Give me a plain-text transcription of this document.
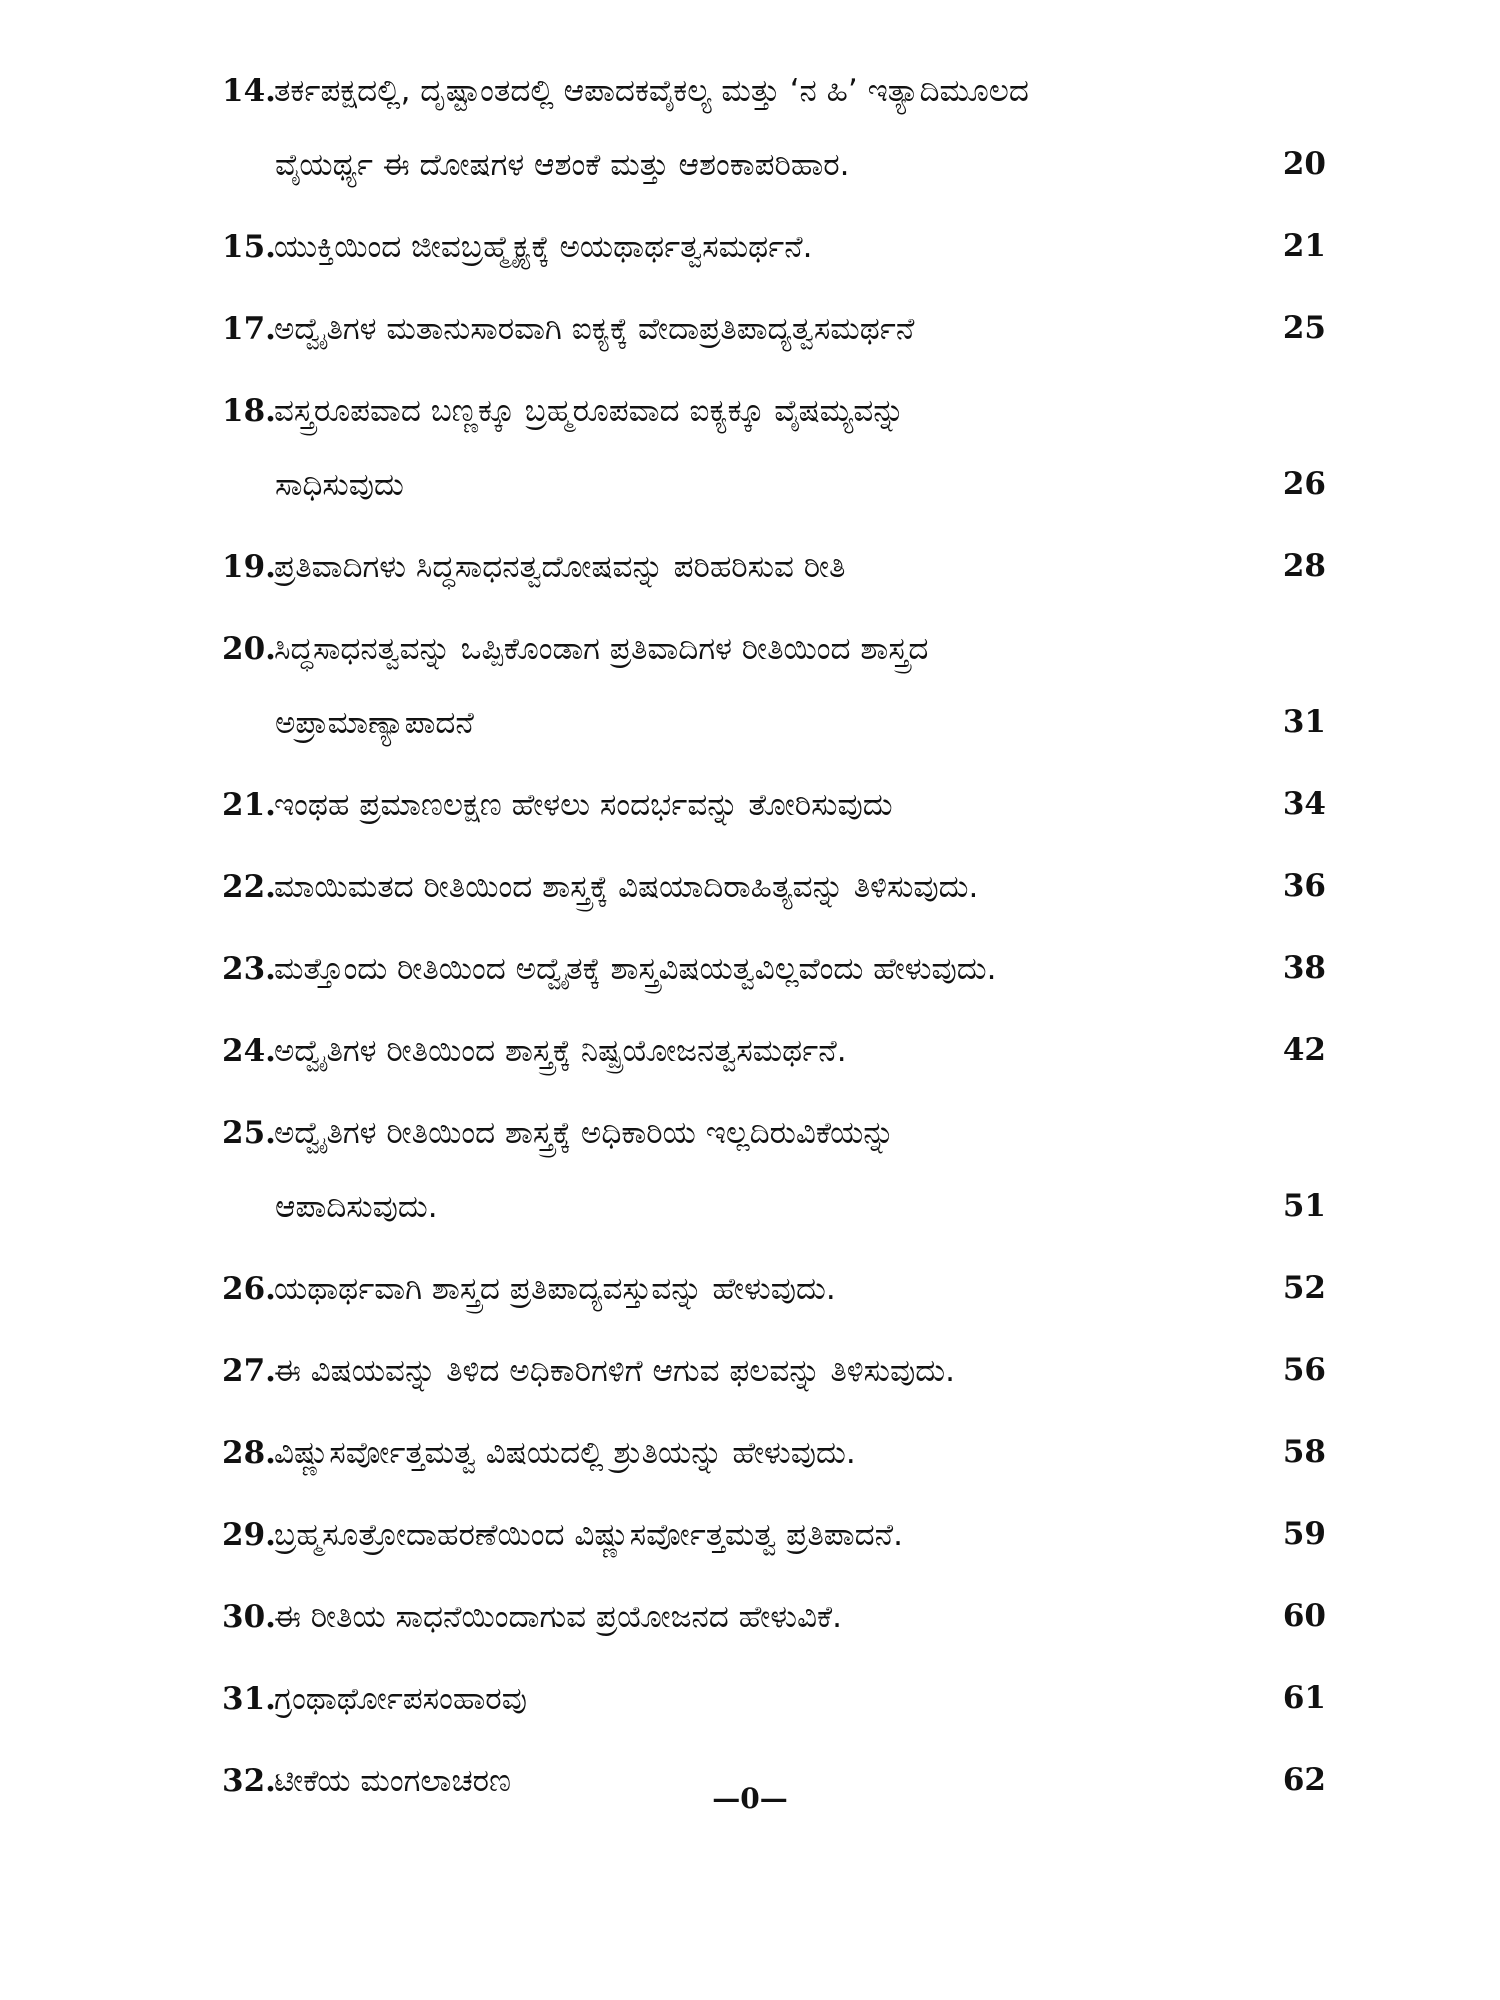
14.ತರ್ಕಪಕ್ಷದಲ್ಲಿ, ದೃಷ್ಟಾಂತದಲ್ಲಿ ಆಪಾದಕವೈಕಲ್ಯ ಮತ್ತು ‘ನ ಹಿ’ ಇತ್ಯಾದಿಮೂಲದ
ವೈಯರ್ಥ್ಯ ಈ ದೋಷಗಳ ಆಶಂಕೆ ಮತ್ತು ಆಶಂಕಾಪರಿಹಾರ.	20
15.ಯುಕ್ತಿಯಿಂದ ಜೀವಬ್ರಹ್ಮೈಕ್ಯಕ್ಕೆ ಅಯಥಾರ್ಥತ್ವಸಮರ್ಥನೆ.	21
17.ಅದ್ವೈತಿಗಳ ಮತಾನುಸಾರವಾಗಿ ಐಕ್ಯಕ್ಕೆ ವೇದಾಪ್ರತಿಪಾದ್ಯತ್ವಸಮರ್ಥನೆ	25
18.ವಸ್ತ್ರರೂಪವಾದ ಬಣ್ಣಕ್ಕೂ ಬ್ರಹ್ಮರೂಪವಾದ ಐಕ್ಯಕ್ಕೂ ವೈಷಮ್ಯವನ್ನು
ಸಾಧಿಸುವುದು	26
19.ಪ್ರತಿವಾದಿಗಳು ಸಿದ್ಧಸಾಧನತ್ವದೋಷವನ್ನು ಪರಿಹರಿಸುವ ರೀತಿ	28
20.ಸಿದ್ಧಸಾಧನತ್ವವನ್ನು ಒಪ್ಪಿಕೊಂಡಾಗ ಪ್ರತಿವಾದಿಗಳ ರೀತಿಯಿಂದ ಶಾಸ್ತ್ರದ
ಅಪ್ರಾಮಾಣ್ಯಾಪಾದನೆ	31
21.ಇಂಥಹ ಪ್ರಮಾಣಲಕ್ಷಣ ಹೇಳಲು ಸಂದರ್ಭವನ್ನು ತೋರಿಸುವುದು	34
22.ಮಾಯಿಮತದ ರೀತಿಯಿಂದ ಶಾಸ್ತ್ರಕ್ಕೆ ವಿಷಯಾದಿರಾಹಿತ್ಯವನ್ನು ತಿಳಿಸುವುದು.	36
23.ಮತ್ತೊಂದು ರೀತಿಯಿಂದ ಅದ್ವೈತಕ್ಕೆ ಶಾಸ್ತ್ರವಿಷಯತ್ವವಿಲ್ಲವೆಂದು ಹೇಳುವುದು.	38
24.ಅದ್ವೈತಿಗಳ ರೀತಿಯಿಂದ ಶಾಸ್ತ್ರಕ್ಕೆ ನಿಷ್ಪ್ರಯೋಜನತ್ವಸಮರ್ಥನೆ.	42
25.ಅದ್ವೈತಿಗಳ ರೀತಿಯಿಂದ ಶಾಸ್ತ್ರಕ್ಕೆ ಅಧಿಕಾರಿಯ ಇಲ್ಲದಿರುವಿಕೆಯನ್ನು
ಆಪಾದಿಸುವುದು.	51
26.ಯಥಾರ್ಥವಾಗಿ ಶಾಸ್ತ್ರದ ಪ್ರತಿಪಾದ್ಯವಸ್ತುವನ್ನು ಹೇಳುವುದು.	52
27.ಈ ವಿಷಯವನ್ನು ತಿಳಿದ ಅಧಿಕಾರಿಗಳಿಗೆ ಆಗುವ ಫಲವನ್ನು ತಿಳಿಸುವುದು.	56
28.ವಿಷ್ಣುಸರ್ವೋತ್ತಮತ್ವ ವಿಷಯದಲ್ಲಿ ಶ್ರುತಿಯನ್ನು ಹೇಳುವುದು.	58
29.ಬ್ರಹ್ಮಸೂತ್ರೋದಾಹರಣೆಯಿಂದ ವಿಷ್ಣುಸರ್ವೋತ್ತಮತ್ವ ಪ್ರತಿಪಾದನೆ.	59
30.ಈ ರೀತಿಯ ಸಾಧನೆಯಿಂದಾಗುವ ಪ್ರಯೋಜನದ ಹೇಳುವಿಕೆ.	60
31.ಗ್ರಂಥಾರ್ಥೋಪಸಂಹಾರವು	61
32.ಟೀಕೆಯ ಮಂಗಲಾಚರಣ	62
—0—
